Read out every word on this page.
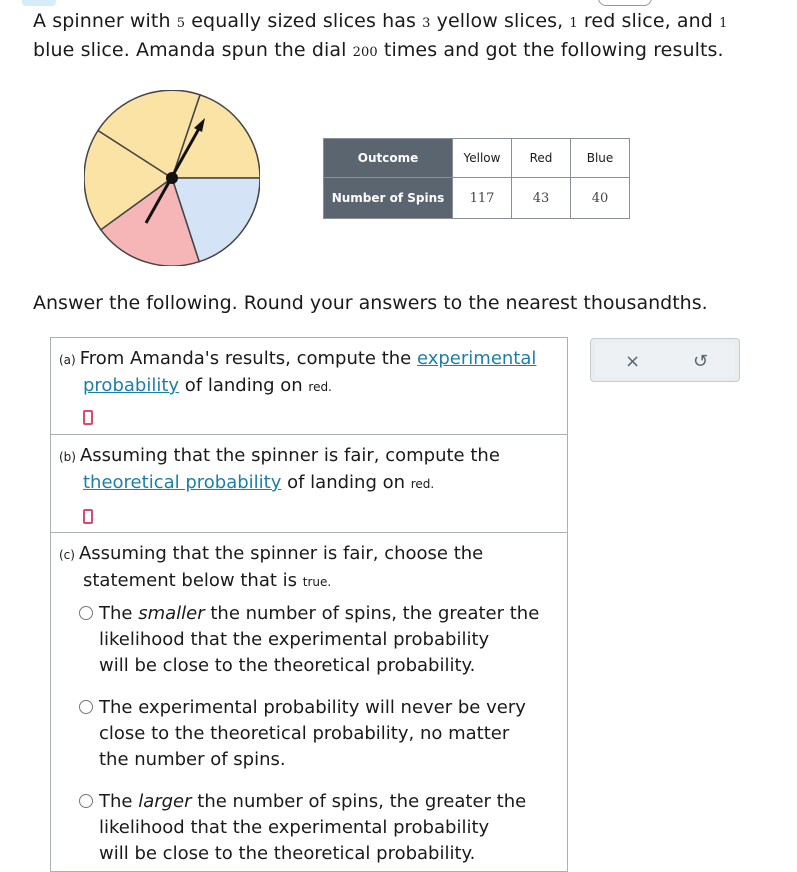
A spinner with 5 equally sized slices has 3 yellow slices, 1 red slice, and 1
blue slice. Amanda spun the dial 200 times and got the following results.
Outcome	Yellow	Red	Blue
Number of Spins	117	43	40
Answer the following. Round your answers to the nearest thousandths.
(a) From Amanda's results, compute the experimental
probability of landing on red.
(b) Assuming that the spinner is fair, compute the
theoretical probability of landing on red.
(c) Assuming that the spinner is fair, choose the
statement below that is true.
The smaller the number of spins, the greater the
likelihood that the experimental probability
will be close to the theoretical probability.
The experimental probability will never be very
close to the theoretical probability, no matter
the number of spins.
The larger the number of spins, the greater the
likelihood that the experimental probability
will be close to the theoretical probability.
×	↺
